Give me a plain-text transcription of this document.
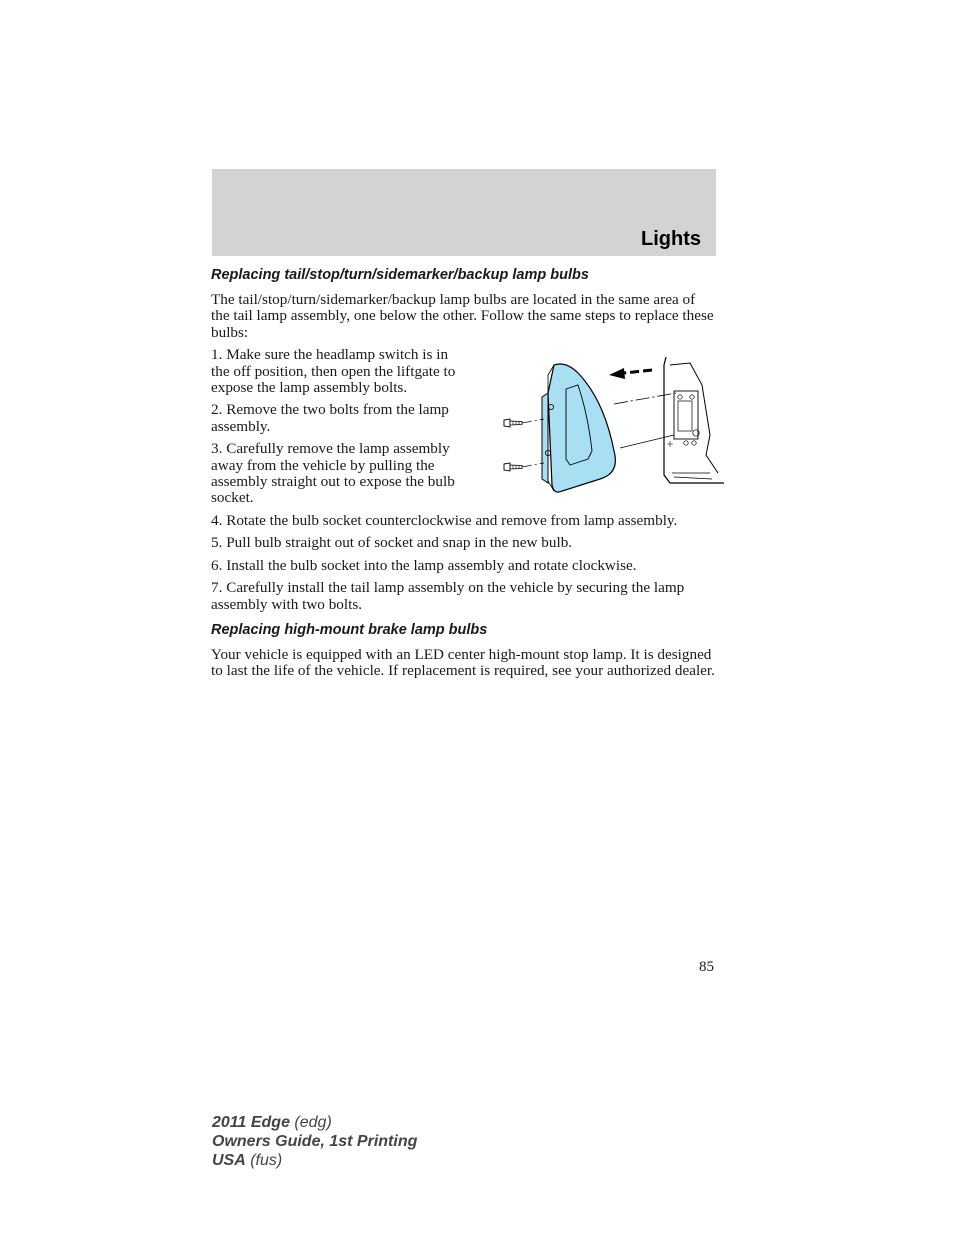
Lights
Replacing tail/stop/turn/sidemarker/backup lamp bulbs

The tail/stop/turn/sidemarker/backup lamp bulbs are located in the same area of the tail lamp assembly, one below the other. Follow the same steps to replace these bulbs:

1. Make sure the headlamp switch is in the off position, then open the liftgate to expose the lamp assembly bolts.

2. Remove the two bolts from the lamp assembly.

3. Carefully remove the lamp assembly away from the vehicle by pulling the assembly straight out to expose the bulb socket.

4. Rotate the bulb socket counterclockwise and remove from lamp assembly.

5. Pull bulb straight out of socket and snap in the new bulb.

6. Install the bulb socket into the lamp assembly and rotate clockwise.

7. Carefully install the tail lamp assembly on the vehicle by securing the lamp assembly with two bolts.

Replacing high-mount brake lamp bulbs

Your vehicle is equipped with an LED center high-mount stop lamp. It is designed to last the life of the vehicle. If replacement is required, see your authorized dealer.

85
2011 Edge (edg)
Owners Guide, 1st Printing
USA (fus)
